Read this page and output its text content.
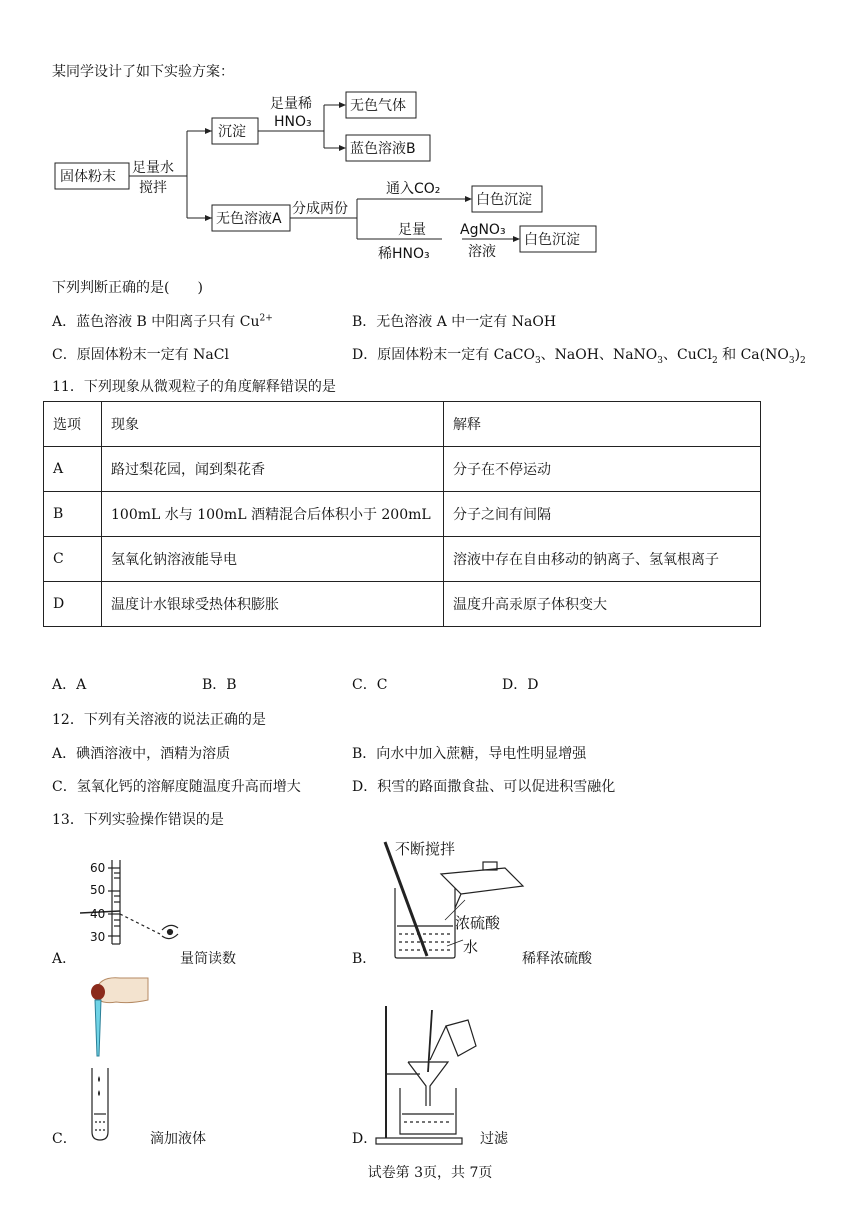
某同学设计了如下实验方案：
固体粉末
足量水
搅拌
沉淀
足量稀
HNO₃
无色气体
蓝色溶液B
无色溶液A
分成两份
通入CO₂
白色沉淀
足量
稀HNO₃
AgNO₃
溶液
白色沉淀
下列判断正确的是(　　)
A．蓝色溶液 B 中阳离子只有 $Cu^{2+}$	B．无色溶液 A 中一定有 NaOH
C．原固体粉末一定有 NaCl	D．原固体粉末一定有 CaCO$_3$、NaOH、NaNO$_3$、CuCl$_2$ 和 $Ca(NO_3)_2$
11．下列现象从微观粒子的角度解释错误的是
选项	现象	解释
A	路过梨花园，闻到梨花香	分子在不停运动
B	100mL 水与 100mL 酒精混合后体积小于 200mL	分子之间有间隔
C	氢氧化钠溶液能导电	溶液中存在自由移动的钠离子、氢氧根离子
D	温度计水银球受热体积膨胀	温度升高汞原子体积变大
A．A	B．B	C．C	D．D
12．下列有关溶液的说法正确的是
A．碘酒溶液中，酒精为溶质	B．向水中加入蔗糖，导电性明显增强
C．氢氧化钙的溶解度随温度升高而增大	D．积雪的路面撒食盐、可以促进积雪融化
13．下列实验操作错误的是
60
50
40
30
A．	量筒读数
不断搅拌
浓硫酸
水
B．	稀释浓硫酸
C．	滴加液体	D．	过滤
试卷第 3页，共 7页
